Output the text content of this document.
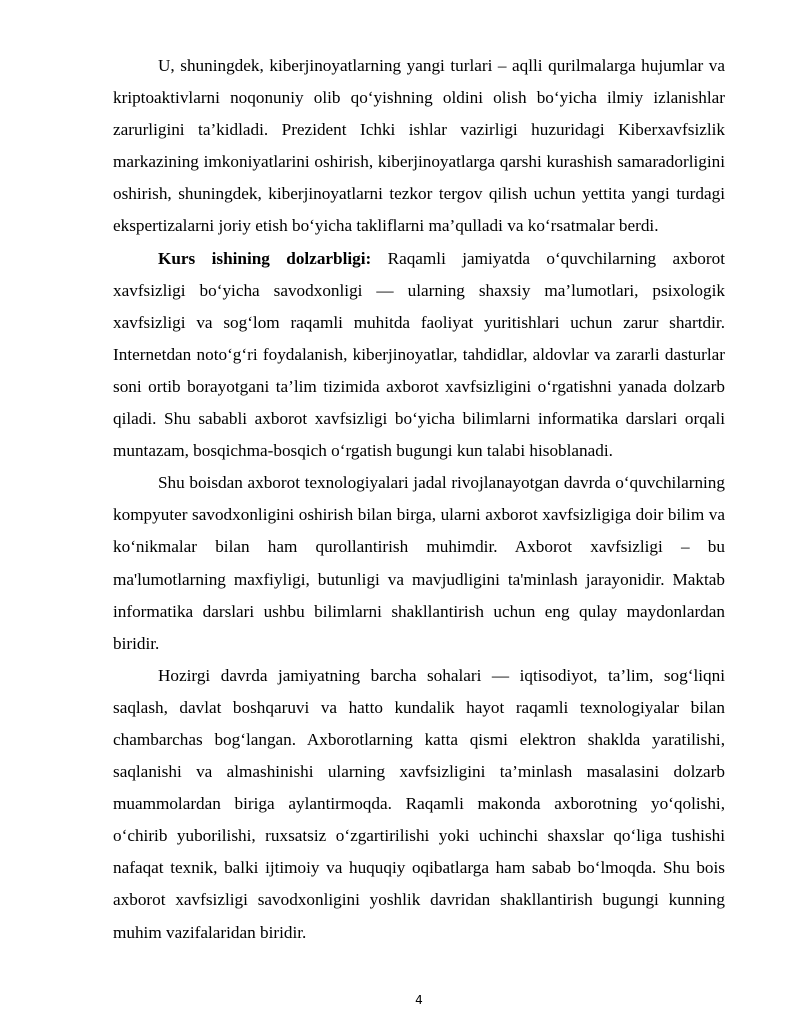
U, shuningdek, kiberjinoyatlarning yangi turlari – aqlli qurilmalarga hujumlar va kriptoaktivlarni noqonuniy olib qo‘yishning oldini olish bo‘yicha ilmiy izlanishlar zarurligini ta’kidladi. Prezident Ichki ishlar vazirligi huzuridagi Kiberxavfsizlik markazining imkoniyatlarini oshirish, kiberjinoyatlarga qarshi kurashish samaradorligini oshirish, shuningdek, kiberjinoyatlarni tezkor tergov qilish uchun yettita yangi turdagi ekspertizalarni joriy etish bo‘yicha takliflarni ma’qulladi va ko‘rsatmalar berdi.

Kurs ishining dolzarbligi: Raqamli jamiyatda o‘quvchilarning axborot xavfsizligi bo‘yicha savodxonligi — ularning shaxsiy ma’lumotlari, psixologik xavfsizligi va sog‘lom raqamli muhitda faoliyat yuritishlari uchun zarur shartdir. Internetdan noto‘g‘ri foydalanish, kiberjinoyatlar, tahdidlar, aldovlar va zararli dasturlar soni ortib borayotgani ta’lim tizimida axborot xavfsizligini o‘rgatishni yanada dolzarb qiladi. Shu sababli axborot xavfsizligi bo‘yicha bilimlarni informatika darslari orqali muntazam, bosqichma-bosqich o‘rgatish bugungi kun talabi hisoblanadi.

Shu boisdan axborot texnologiyalari jadal rivojlanayotgan davrda o‘quvchilarning kompyuter savodxonligini oshirish bilan birga, ularni axborot xavfsizligiga doir bilim va ko‘nikmalar bilan ham qurollantirish muhimdir. Axborot xavfsizligi – bu ma'lumotlarning maxfiyligi, butunligi va mavjudligini ta'minlash jarayonidir. Maktab informatika darslari ushbu bilimlarni shakllantirish uchun eng qulay maydonlardan biridir.

Hozirgi davrda jamiyatning barcha sohalari — iqtisodiyot, ta’lim, sog‘liqni saqlash, davlat boshqaruvi va hatto kundalik hayot raqamli texnologiyalar bilan chambarchas bog‘langan. Axborotlarning katta qismi elektron shaklda yaratilishi, saqlanishi va almashinishi ularning xavfsizligini ta’minlash masalasini dolzarb muammolardan biriga aylantirmoqda. Raqamli makonda axborotning yo‘qolishi, o‘chirib yuborilishi, ruxsatsiz o‘zgartirilishi yoki uchinchi shaxslar qo‘liga tushishi nafaqat texnik, balki ijtimoiy va huquqiy oqibatlarga ham sabab bo‘lmoqda. Shu bois axborot xavfsizligi savodxonligini yoshlik davridan shakllantirish bugungi kunning muhim vazifalaridan biridir.

4
